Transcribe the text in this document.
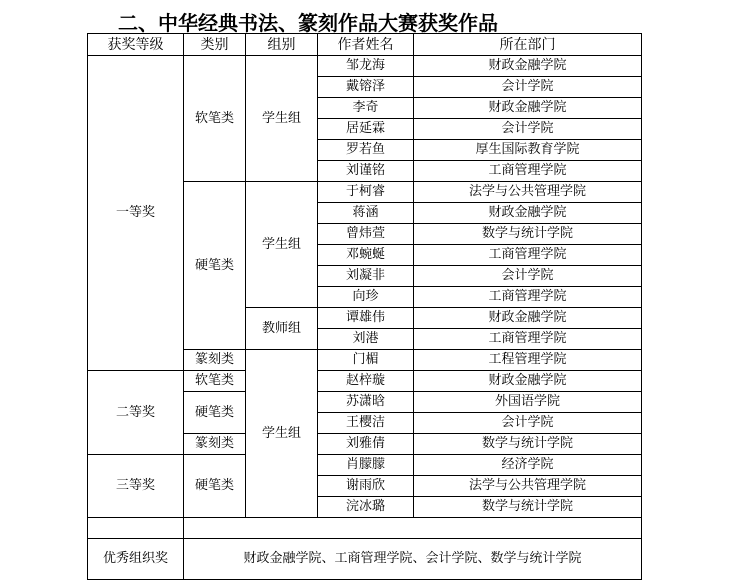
二、中华经典书法、篆刻作品大赛获奖作品
获奖等级	类别	组别	作者姓名	所在部门
一等奖	软笔类	学生组	邹龙海	财政金融学院
			戴镕泽	会计学院
			李奇	财政金融学院
			居延霖	会计学院
			罗若鱼	厚生国际教育学院
			刘谨铭	工商管理学院
	硬笔类	学生组	于柯睿	法学与公共管理学院
			蒋涵	财政金融学院
			曾炜萱	数学与统计学院
			邓蜿蜒	工商管理学院
			刘凝非	会计学院
			向珍	工商管理学院
		教师组	谭雄伟	财政金融学院
			刘港	工商管理学院
	篆刻类	学生组	门楣	工程管理学院
二等奖	软笔类		赵梓璇	财政金融学院
	硬笔类		苏潇晗	外国语学院
			王樱洁	会计学院
	篆刻类		刘雅倩	数学与统计学院
三等奖	硬笔类		肖朦朦	经济学院
			谢雨欣	法学与公共管理学院
			浣冰璐	数学与统计学院

优秀组织奖	财政金融学院、工商管理学院、会计学院、数学与统计学院			
